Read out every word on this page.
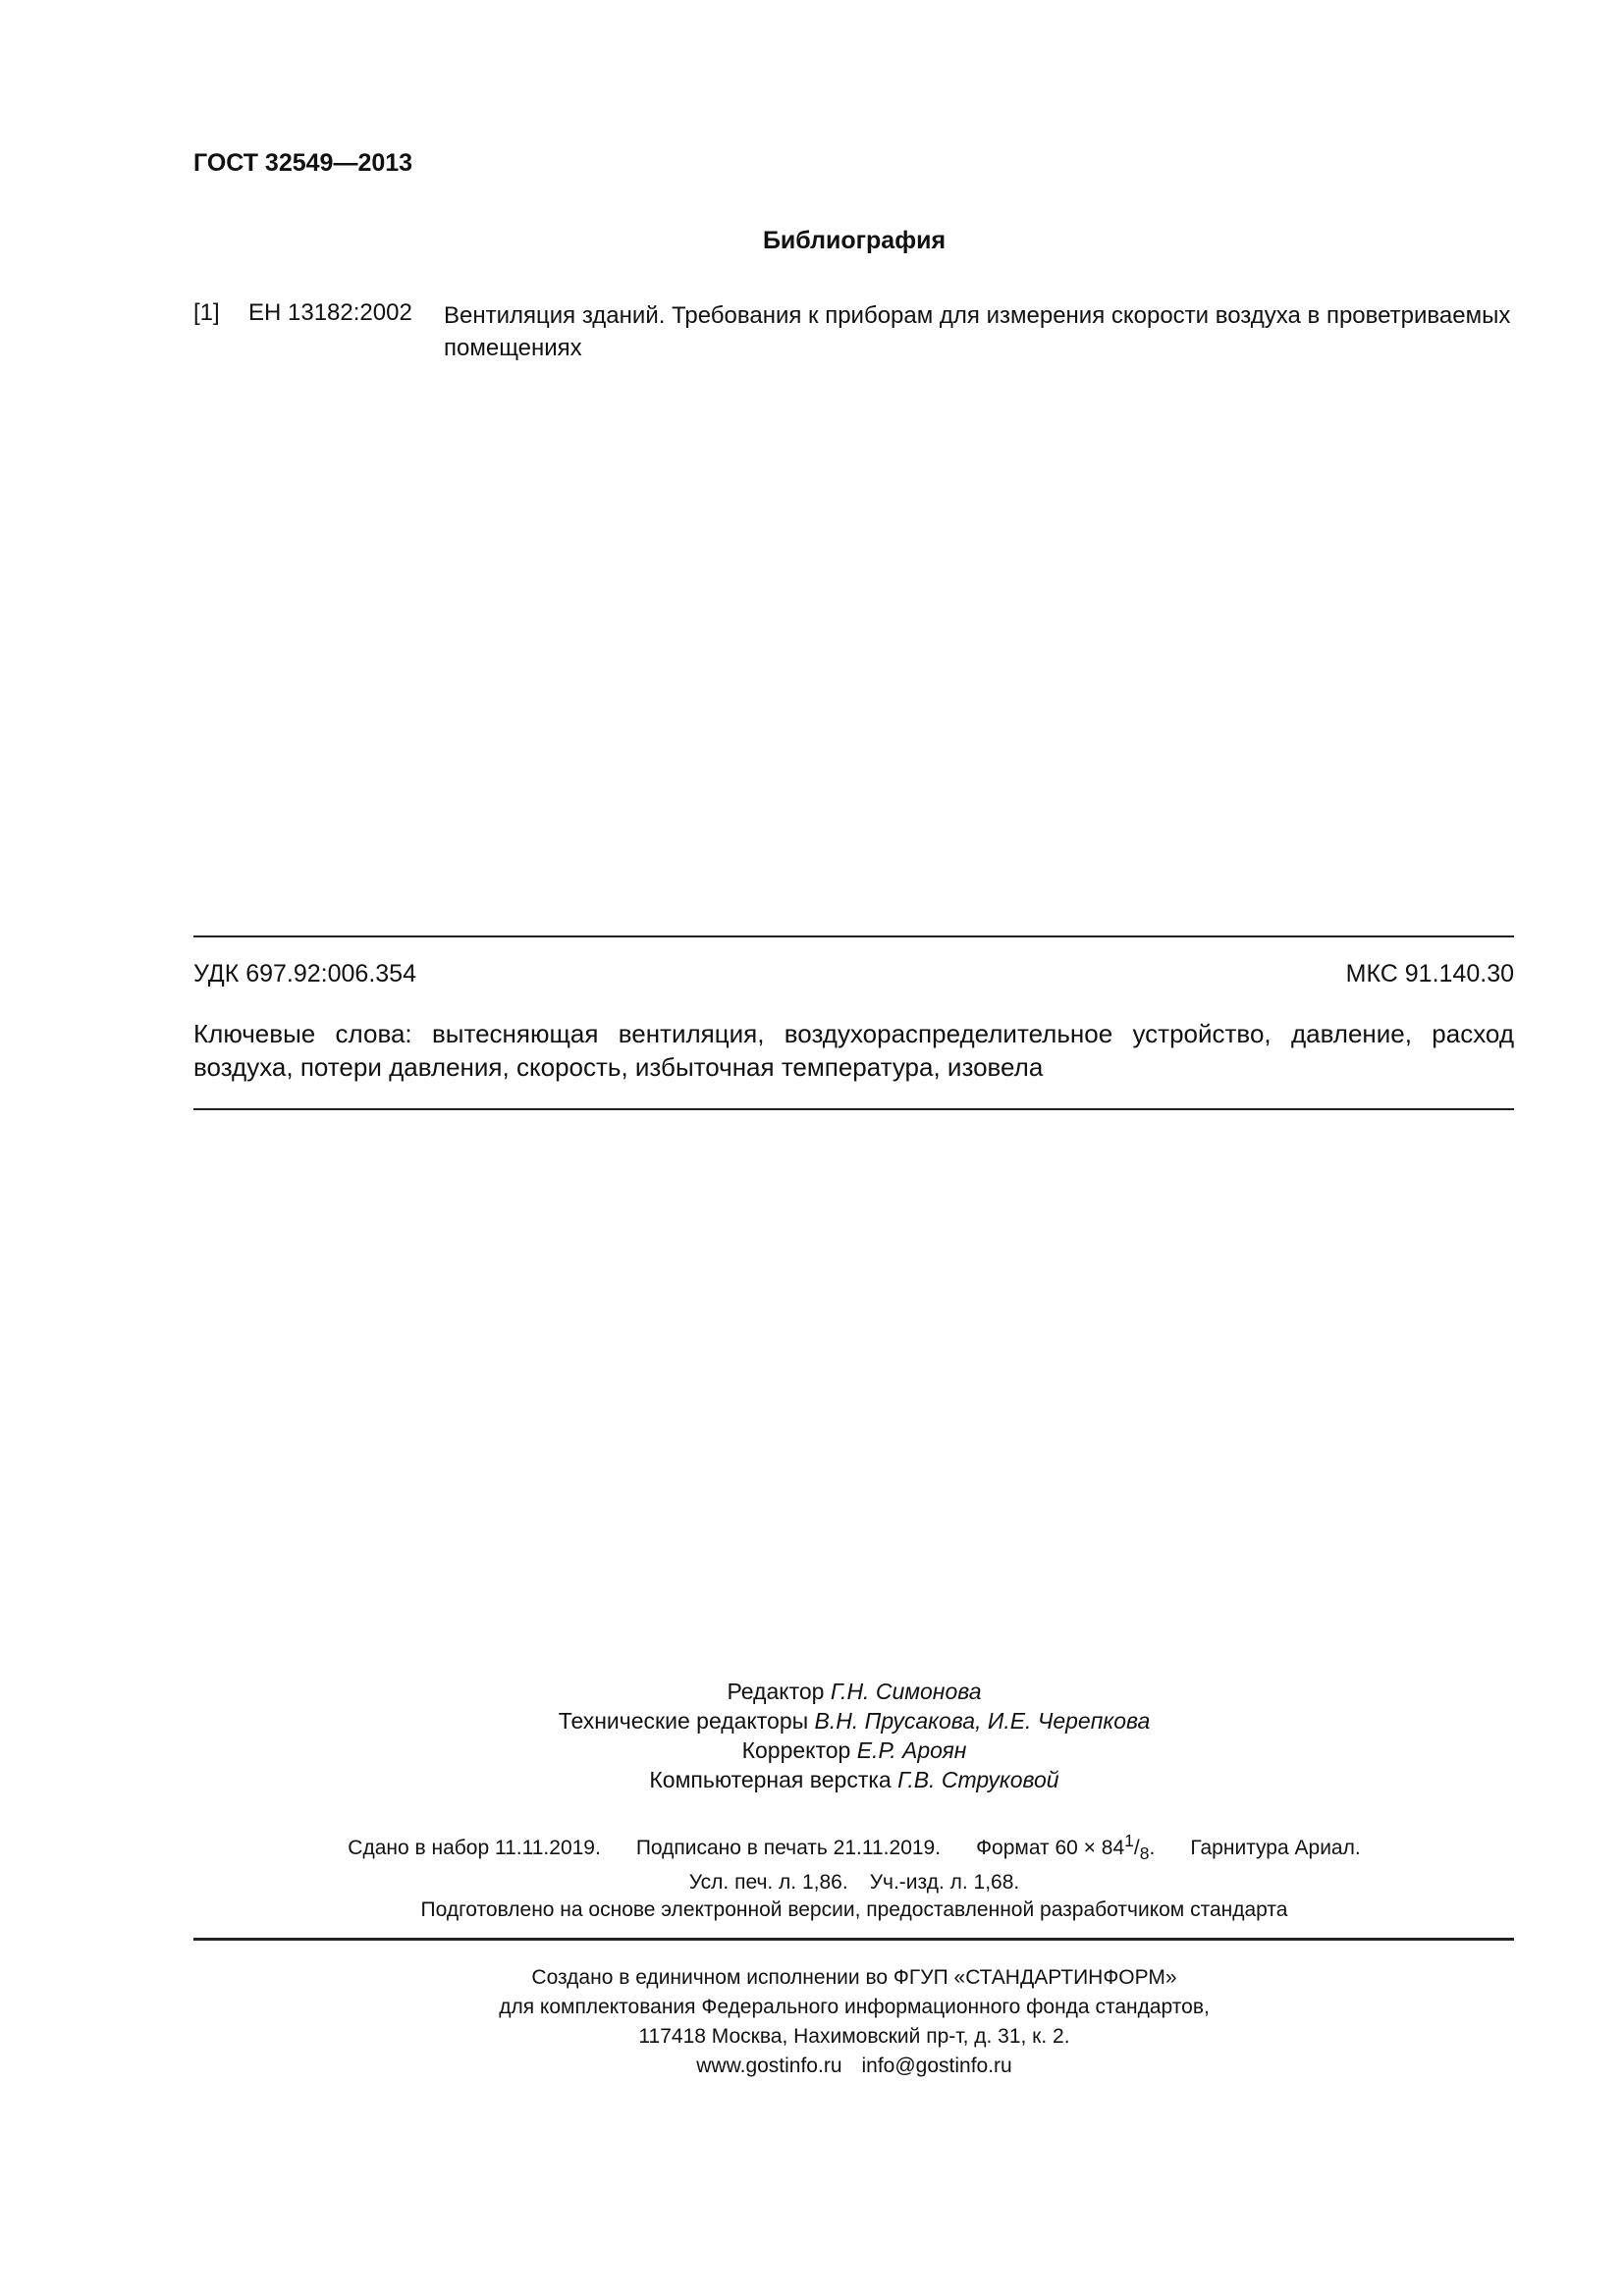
ГОСТ 32549—2013
Библиография
[1] ЕН 13182:2002 Вентиляция зданий. Требования к приборам для измерения скорости воздуха в проветриваемых помещениях
УДК 697.92:006.354	МКС 91.140.30
Ключевые слова: вытесняющая вентиляция, воздухораспределительное устройство, давление, расход воздуха, потери давления, скорость, избыточная температура, изовела
Редактор Г.Н. Симонова
Технические редакторы В.Н. Прусакова, И.Е. Черепкова
Корректор Е.Р. Ароян
Компьютерная верстка Г.В. Струковой
Сдано в набор 11.11.2019. Подписано в печать 21.11.2019. Формат $60 \times 84^1/_8$. Гарнитура Ариал.
Усл. печ. л. 1,86. Уч.-изд. л. 1,68.
Подготовлено на основе электронной версии, предоставленной разработчиком стандарта
Создано в единичном исполнении во ФГУП «СТАНДАРТИНФОРМ»
для комплектования Федерального информационного фонда стандартов,
117418 Москва, Нахимовский пр-т, д. 31, к. 2.
www.gostinfo.ru info@gostinfo.ru
